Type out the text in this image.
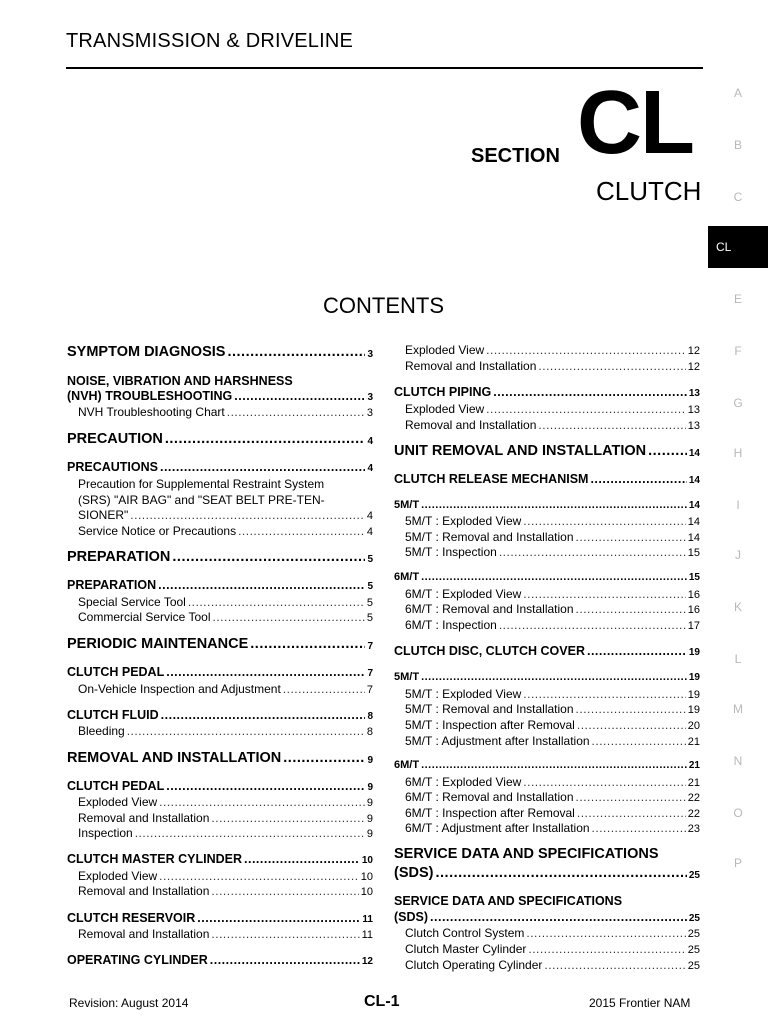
TRANSMISSION & DRIVELINE
SECTION CL
CLUTCH
CONTENTS
A
B
C
CL
E
F
G
H
I
J
K
L
M
N
O
P
SYMPTOM DIAGNOSIS .....	3
NOISE, VIBRATION AND HARSHNESS
(NVH) TROUBLESHOOTING .....	3
NVH Troubleshooting Chart .....	3
PRECAUTION .....	4
PRECAUTIONS .....	4
Precaution for Supplemental Restraint System
(SRS) "AIR BAG" and "SEAT BELT PRE-TEN-
SIONER" .....	4
Service Notice or Precautions .....	4
PREPARATION .....	5
PREPARATION .....	5
Special Service Tool .....	5
Commercial Service Tool .....	5
PERIODIC MAINTENANCE .....	7
CLUTCH PEDAL .....	7
On-Vehicle Inspection and Adjustment .....	7
CLUTCH FLUID .....	8
Bleeding .....	8
REMOVAL AND INSTALLATION .....	9
CLUTCH PEDAL .....	9
Exploded View .....	9
Removal and Installation .....	9
Inspection .....	9
CLUTCH MASTER CYLINDER .....	10
Exploded View .....	10
Removal and Installation .....	10
CLUTCH RESERVOIR .....	11
Removal and Installation .....	11
OPERATING CYLINDER .....	12
Exploded View .....	12
Removal and Installation .....	12
CLUTCH PIPING .....	13
Exploded View .....	13
Removal and Installation .....	13
UNIT REMOVAL AND INSTALLATION .....	14
CLUTCH RELEASE MECHANISM .....	14
5M/T .....	14
5M/T : Exploded View .....	14
5M/T : Removal and Installation .....	14
5M/T : Inspection .....	15
6M/T .....	15
6M/T : Exploded View .....	16
6M/T : Removal and Installation .....	16
6M/T : Inspection .....	17
CLUTCH DISC, CLUTCH COVER .....	19
5M/T .....	19
5M/T : Exploded View .....	19
5M/T : Removal and Installation .....	19
5M/T : Inspection after Removal .....	20
5M/T : Adjustment after Installation .....	21
6M/T .....	21
6M/T : Exploded View .....	21
6M/T : Removal and Installation .....	22
6M/T : Inspection after Removal .....	22
6M/T : Adjustment after Installation .....	23
SERVICE DATA AND SPECIFICATIONS
(SDS) .....	25
SERVICE DATA AND SPECIFICATIONS
(SDS) .....	25
Clutch Control System .....	25
Clutch Master Cylinder .....	25
Clutch Operating Cylinder .....	25
Revision: August 2014	CL-1	2015 Frontier NAM
